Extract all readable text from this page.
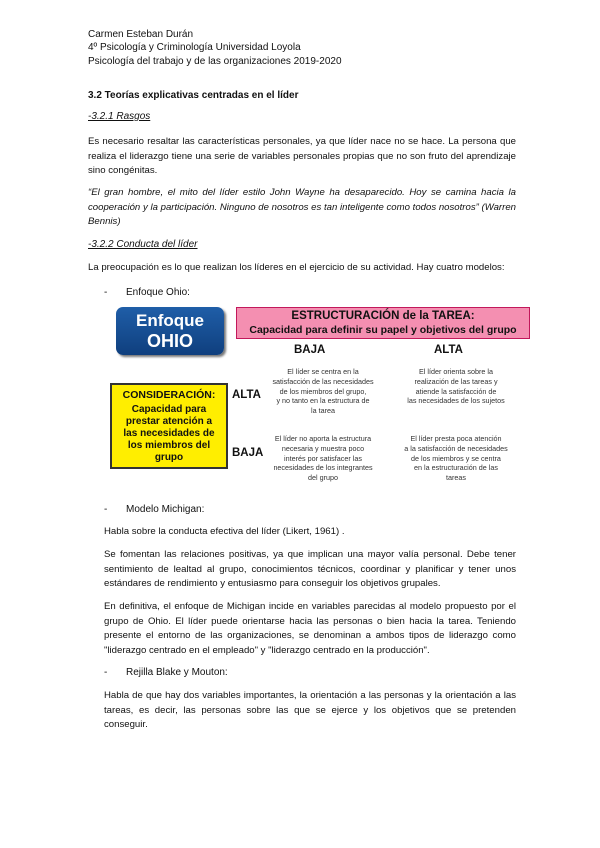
Carmen Esteban Durán
4º Psicología y Criminología Universidad Loyola
Psicología del trabajo y de las organizaciones 2019-2020
3.2 Teorías explicativas centradas en el líder
-3.2.1 Rasgos
Es necesario resaltar las características personales, ya que líder nace no se hace. La persona que realiza el liderazgo tiene una serie de variables personales propias que no son fruto del aprendizaje sino congénitas.
“El gran hombre, el mito del líder estilo John Wayne ha desaparecido. Hoy se camina hacia la cooperación y la participación. Ninguno de nosotros es tan inteligente como todos nosotros” (Warren Bennis)
-3.2.2 Conducta del líder
La preocupación es lo que realizan los líderes en el ejercicio de su actividad. Hay cuatro modelos:
- Enfoque Ohio:
Enfoque
OHIO
ESTRUCTURACIÓN de la TAREA:
Capacidad para definir su papel y objetivos del grupo
BAJA	ALTA
ALTA
BAJA
CONSIDERACIÓN:
Capacidad para
prestar atención a
las necesidades de
los miembros del
grupo
El líder se centra en la
satisfacción de las necesidades
de los miembros del grupo,
y no tanto en la estructura de
la tarea
El líder orienta sobre la
realización de las tareas y
atiende la satisfacción de
las necesidades de los sujetos
El líder no aporta la estructura
necesaria y muestra poco
interés por satisfacer las
necesidades de los integrantes
del grupo
El líder presta poca atención
a la satisfacción de necesidades
de los miembros y se centra
en la estructuración de las
tareas
- Modelo Michigan:
Habla sobre la conducta efectiva del líder (Likert, 1961) .
Se fomentan las relaciones positivas, ya que implican una mayor valía personal. Debe tener sentimiento de lealtad al grupo, conocimientos técnicos, coordinar y planificar y tener unos estándares de rendimiento y entusiasmo para conseguir los objetivos grupales.
En definitiva, el enfoque de Michigan incide en variables parecidas al modelo propuesto por el grupo de Ohio. El líder puede orientarse hacia las personas o bien hacia la tarea. Teniendo presente el entorno de las organizaciones, se denominan a ambos tipos de liderazgo como "liderazgo centrado en el empleado" y "liderazgo centrado en la producción".
- Rejilla Blake y Mouton:
Habla de que hay dos variables importantes, la orientación a las personas y la orientación a las tareas, es decir, las personas sobre las que se ejerce y los objetivos que se pretenden conseguir.
